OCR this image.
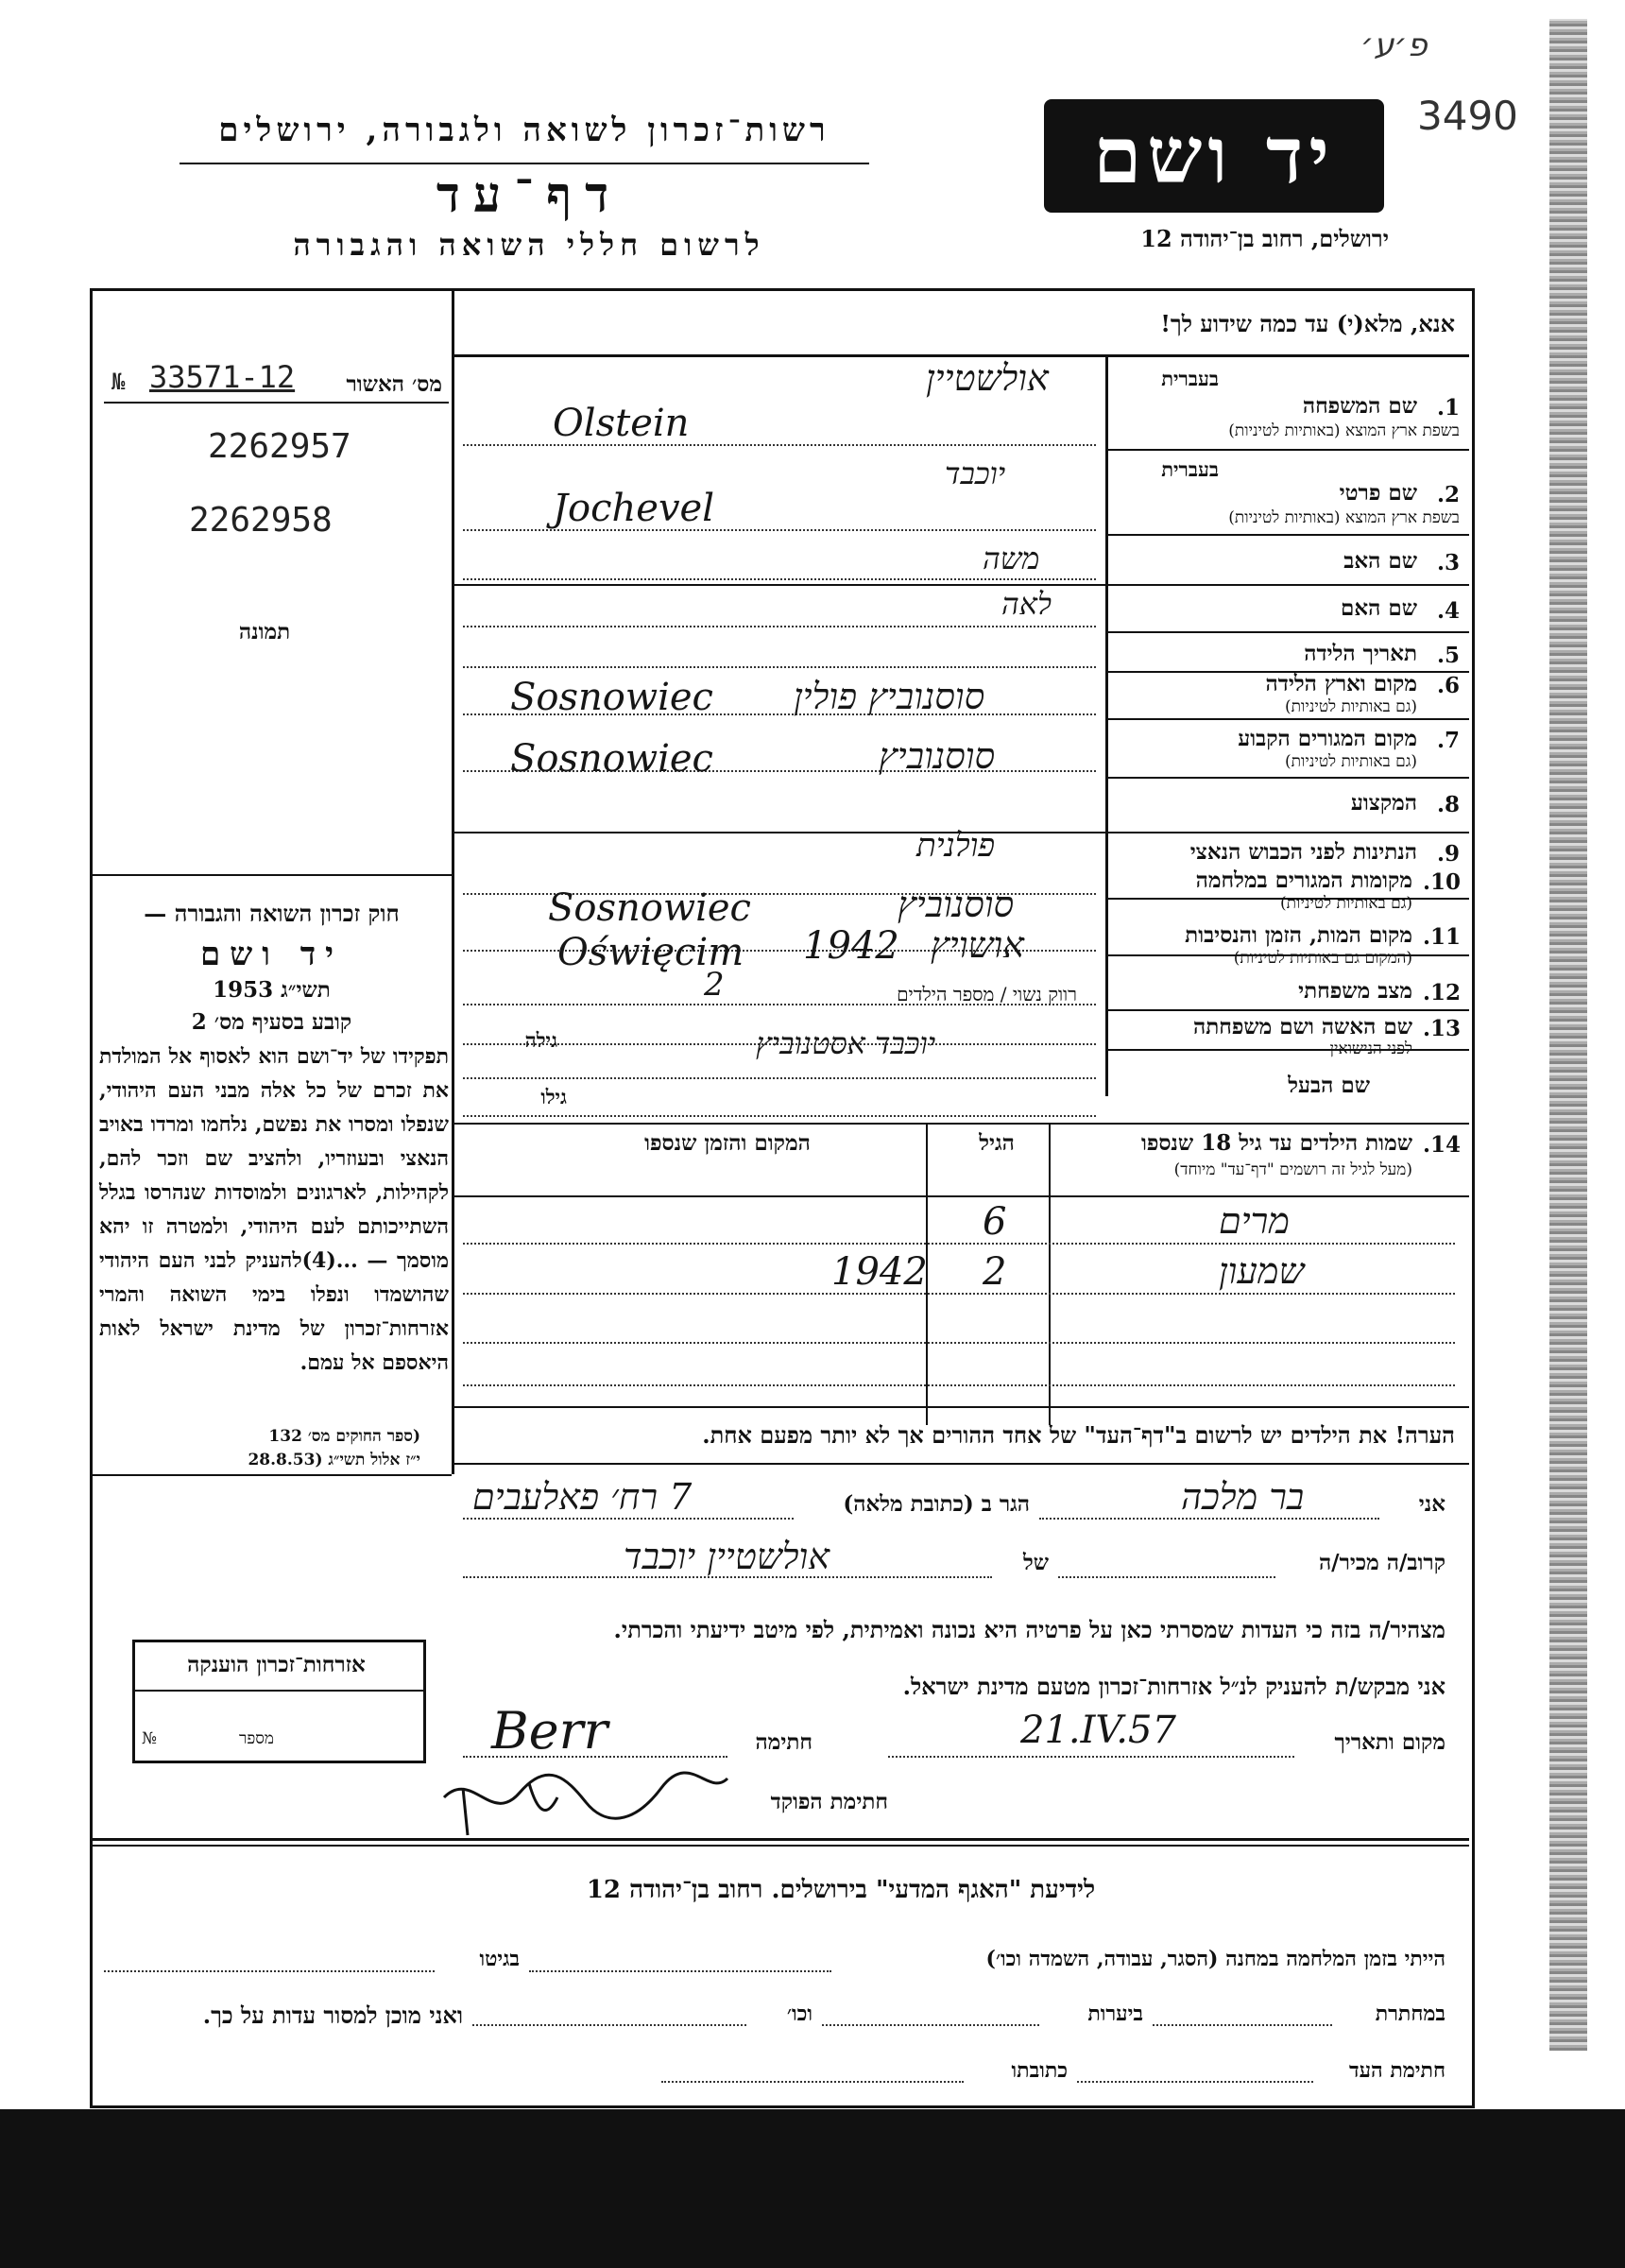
פ׳ע׳
3490
רשות־זכרון לשואה ולגבורה, ירושלים
דף־עד
לרשום חללי השואה והגבורה
יד ושם
ירושלים, רחוב בן־יהודה 12
אנא, מלא(י) עד כמה שידוע לך!
מס׳ האשור
№ 33571-12
2262957
2262958
תמונה
בעברית
1.
שם המשפחה
בשפת ארץ המוצא (באותיות לטיניות)
אולשטיין
Olstein
בעברית
2.
שם פרטי
בשפת ארץ המוצא (באותיות לטיניות)
יוכבד
Jochevel
3.
שם האב
משה
4.
שם האם
לאה
5.
תאריך הלידה
6.
מקום וארץ הלידה
(גם באותיות לטיניות)
סוסנוביץ פולין
Sosnowiec
7.
מקום המגורים הקבוע
(גם באותיות לטיניות)
סוסנוביץ
Sosnowiec
8.
המקצוע
9.
הנתינות לפני הכבוש הנאצי
פולנית
10.
מקומות המגורים במלחמה
(גם באותיות לטיניות)
סוסנוביץ
Sosnowiec
11.
מקום המות, הזמן והנסיבות
(המקום גם באותיות לטיניות)
אושויץ
1942
Oświęcim
12.
מצב משפחתי
רווק נשוי / מספר הילדים
2
13.
שם האשה ושם משפחתה
לפני הנישואין
גילה	יוכבד אסטנוביץ
שם הבעל
גילו
14.
שמות הילדים עד גיל 18 שנספו
(מעל לגיל זה רושמים "דף־עד" מיוחד)
הגיל
המקום והזמן שנספו
מרים
6
שמעון
2
1942
הערה! את הילדים יש לרשום ב"דף־העד" של אחד ההורים אך לא יותר מפעם אחת.
חוק זכרון השואה והגבורה —
יד ושם
תשי״ג 1953
קובע בסעיף מס׳ 2
תפקידו של יד־ושם הוא לאסוף אל המולדת את זכרם של כל אלה מבני העם היהודי, שנפלו ומסרו את נפשם, נלחמו ומרדו באויב הנאצי ובעוזריו, ולהציב שם וזכר להם, לקהילות, לארגונים ולמוסדות שנהרסו בגלל השתייכותם לעם היהודי, ולמטרה זו יהא מוסמך — ...(4)להעניק לבני העם היהודי שהושמדו ונפלו בימי השואה והמרי אזרחות־זכרון של מדינת ישראל לאות היאספם אל עמם.
(ספר החוקים מס׳ 132
י״ז אלול תשי״ג (28.8.53
אני
בר מלכה
הגר ב (כתובת מלאה)
7 רח׳ פאלעבים
קרוב/ה מכיר/ה
של
אולשטיין יוכבד
מצהיר/ה בזה כי העדות שמסרתי כאן על פרטיה היא נכונה ואמיתית, לפי מיטב ידיעתי והכרתי.
אני מבקש/ת להעניק לנ״ל אזרחות־זכרון מטעם מדינת ישראל.
מקום ותאריך
21.IV.57
חתימה
Berr
חתימת הפוקד
אזרחות־זכרון הוענקה
מספר
№
לידיעת "האגף המדעי" בירושלים. רחוב בן־יהודה 12
הייתי בזמן המלחמה במחנה (הסגר, עבודה, השמדה וכו׳)
בגיטו
במחתרת
ביערות
וכו׳
ואני מוכן למסור עדות על כך.
חתימת העד
כתובתו
